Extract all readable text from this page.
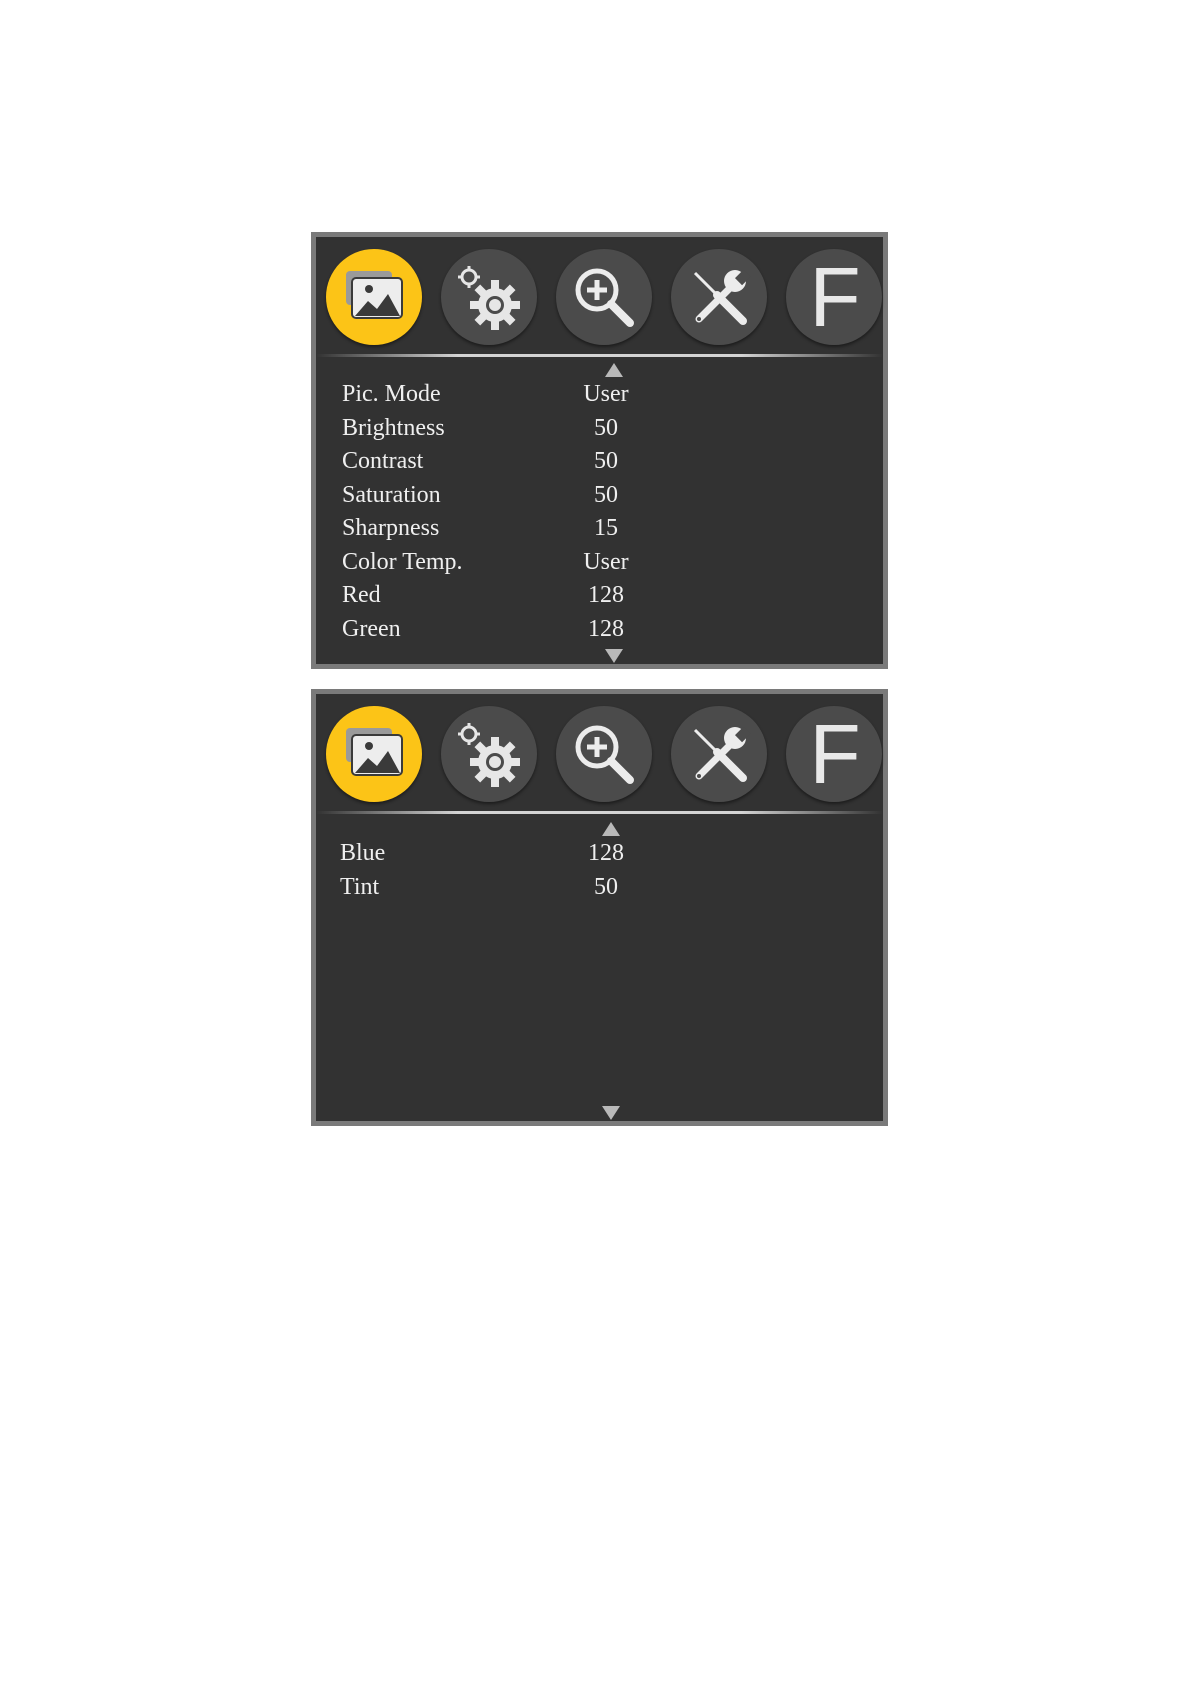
F
Pic. Mode	User
Brightness	50
Contrast	50
Saturation	50
Sharpness	15
Color Temp.	User
Red	128
Green	128
F
Blue	128
Tint	50
